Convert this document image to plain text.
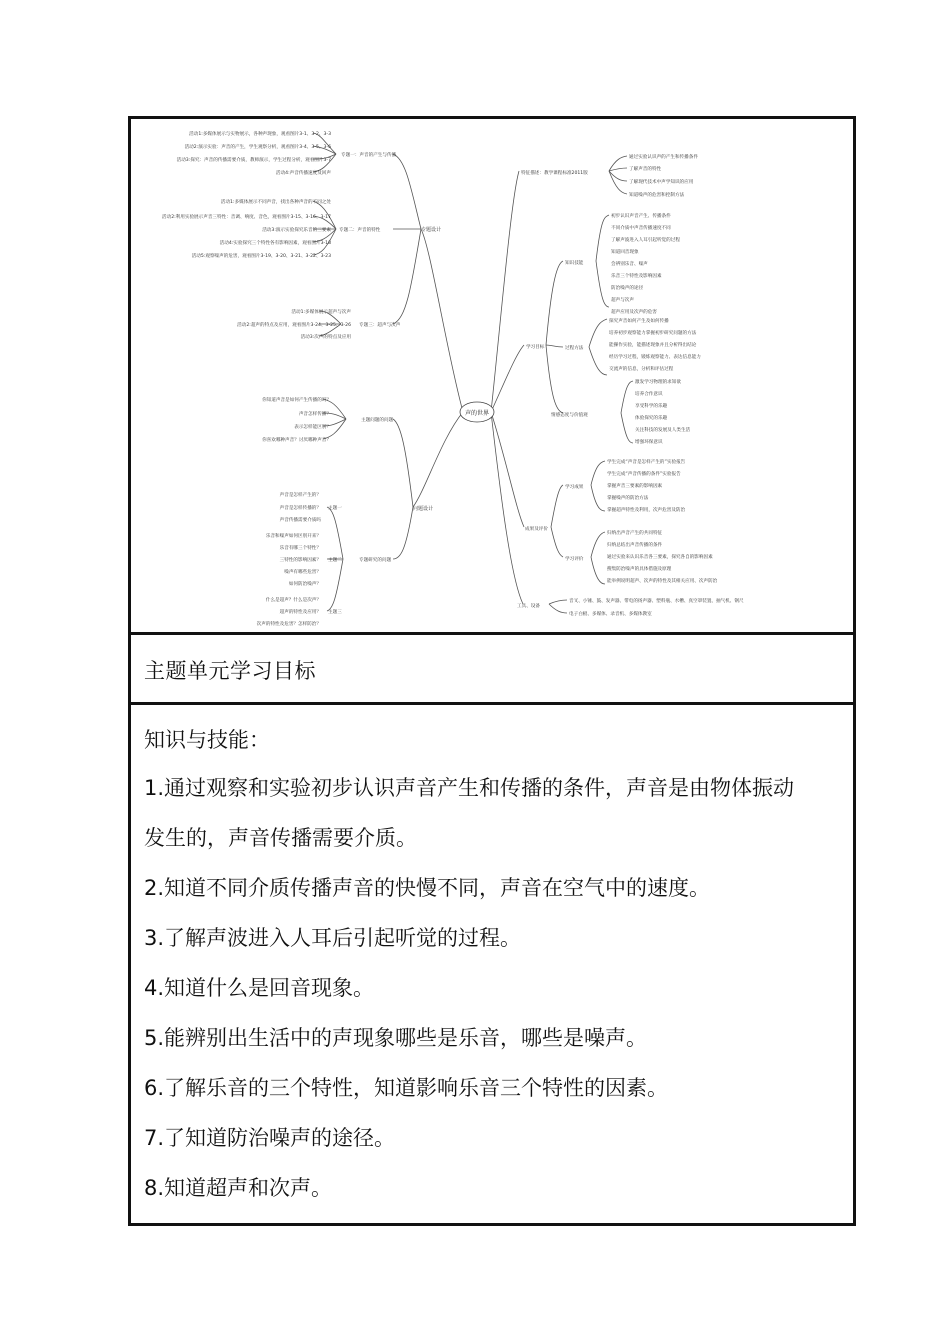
声的世界
专题设计
专题一：声音的产生与传播
活动1:多媒体展示与实物展示，各种声现象，观看图片3-1、3-2、3-3
活动2:演示实验：声音的产生，学生观察分析，观看图片3-4、3-5、3-6
活动3:探究：声音的传播需要介质，教师演示，学生过程分析，观看图片3-7
活动4:声音传播速度及回声
专题二：声音的特性
活动1:多媒体展示不同声音，找出各种声音的不同之处
活动2:利用实验展示声音三特性：音调、响度、音色，观看图片3-15、3-16、3-17
活动3:演示实验探究乐音的三要素
活动4:实验探究三个特性各有影响因素，观看图片3-18
活动5:观察噪声的危害，观看图片3-19、3-20、3-21、3-22、3-23
专题三：超声与次声
活动1:多媒体展示超声与次声
活动2:超声的特点及应用，观看图片3-24、3-25、3-26
活动3:次声的特点及应用
问题设计
主题问题的问题
你知道声音是如何产生传播的吗？
声音怎样传播？
表示怎样能区别？
你喜欢哪种声音？讨厌哪种声音？
专题研究的问题
主题一
声音是怎样产生的？
声音是怎样传播的？
声音传播需要介质吗
主题二
乐音和噪声如何区别开来？
乐音有哪三个特性？
三特性的影响因素？
噪声有哪些危害？
如何防治噪声？
主题三
什么是超声？什么是次声？
超声的特性及应用？
次声的特性及危害？怎样防治？
特征描述：教学课程标准2011版
通过实验认识声的产生和传播条件
了解声音的特性
了解现代技术中声学知识的应用
知道噪声的危害和控制方法
学习目标
知识技能
初步认识声音产生、传播条件
不同介质中声音传播速度不同
了解声波进入人耳引起听觉的过程
知道回音现象
会辨别乐音、噪声
乐音三个特性及影响因素
防治噪声的途径
超声与次声
超声应用及次声的危害
过程方法
探究声音如何产生及如何传播
培养初步观察能力掌握初步研究问题的方法
能操作实验，能描述现象并且分析得出结论
经历学习过程，锻炼观察能力、表达信息能力
交流声的信息，分析和评估过程
情感态度与价值观
激发学习物理的求知欲
培养合作意识
享受科学的乐趣
体验探究的乐趣
关注科技的发展及人类生活
增强环保意识
成果及评价
学习成果
学生完成“声音是怎样产生的”实验报告
学生完成“声音传播的条件”实验报告
掌握声音三要素的影响因素
掌握噪声的防治方法
掌握超声特性及利用，次声危害及防治
学习评价
归纳出声音产生的共同特征
归纳总结出声音传播的条件
通过实验来认识乐音各三要素，探究各自的影响因素
搜集防治噪声的具体措施及原理
能举例说明超声、次声的特性及其相关应用、次声防治
工具、设备
音叉、小锤、鼓、发声器、带电的扬声器、塑料瓶、水槽、真空罩装置、抽气机、钢尺
电子白板、多媒体、录音机、多媒体教室
主题单元学习目标
知识与技能：
1.通过观察和实验初步认识声音产生和传播的条件，声音是由物体振动
发生的，声音传播需要介质。
2.知道不同介质传播声音的快慢不同，声音在空气中的速度。
3.了解声波进入人耳后引起听觉的过程。
4.知道什么是回音现象。
5.能辨别出生活中的声现象哪些是乐音，哪些是噪声。
6.了解乐音的三个特性，知道影响乐音三个特性的因素。
7.了知道防治噪声的途径。
8.知道超声和次声。
